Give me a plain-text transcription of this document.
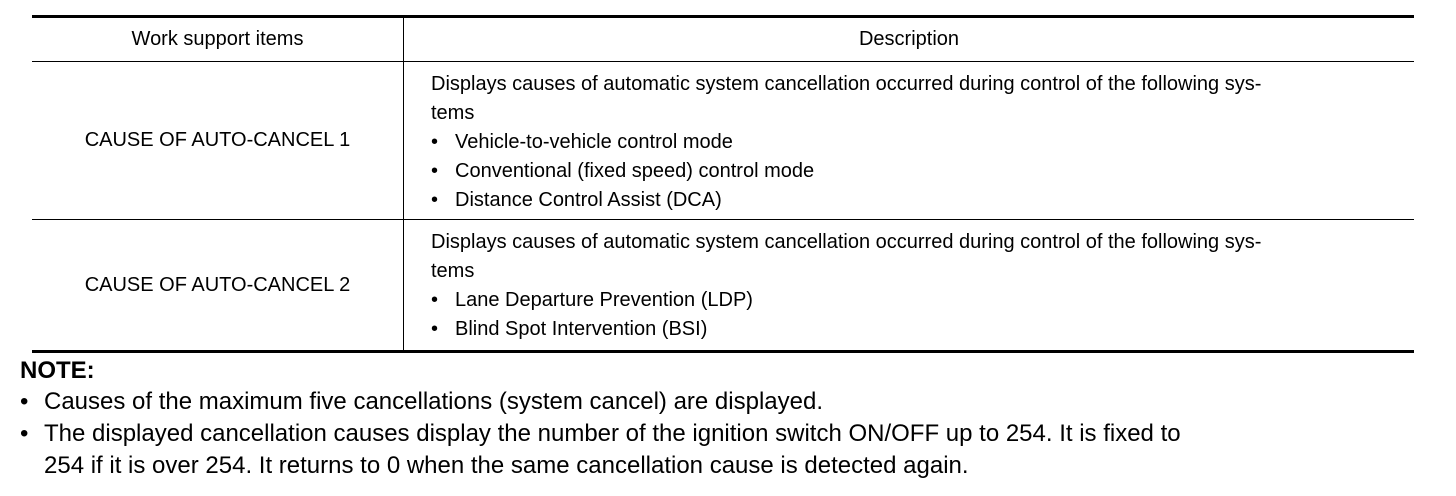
Work support items	Description
CAUSE OF AUTO-CANCEL 1
Displays causes of automatic system cancellation occurred during control of the following sys-
tems
• Vehicle-to-vehicle control mode
• Conventional (fixed speed) control mode
• Distance Control Assist (DCA)
CAUSE OF AUTO-CANCEL 2
Displays causes of automatic system cancellation occurred during control of the following sys-
tems
• Lane Departure Prevention (LDP)
• Blind Spot Intervention (BSI)
NOTE:
• Causes of the maximum five cancellations (system cancel) are displayed.
• The displayed cancellation causes display the number of the ignition switch ON/OFF up to 254. It is fixed to
254 if it is over 254. It returns to 0 when the same cancellation cause is detected again.
